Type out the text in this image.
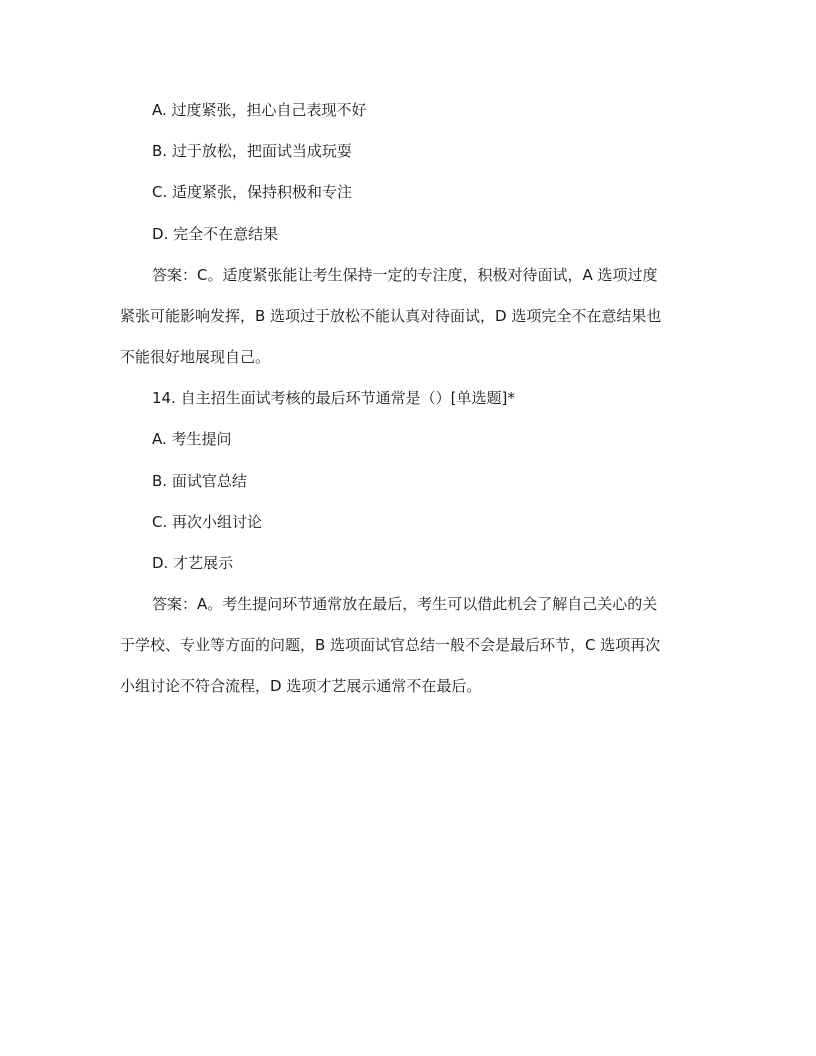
A. 过度紧张，担心自己表现不好
B. 过于放松，把面试当成玩耍
C. 适度紧张，保持积极和专注
D. 完全不在意结果
答案：C。适度紧张能让考生保持一定的专注度，积极对待面试，A 选项过度
紧张可能影响发挥，B 选项过于放松不能认真对待面试，D 选项完全不在意结果也
不能很好地展现自己。
14. 自主招生面试考核的最后环节通常是（）[单选题]*
A. 考生提问
B. 面试官总结
C. 再次小组讨论
D. 才艺展示
答案：A。考生提问环节通常放在最后，考生可以借此机会了解自己关心的关
于学校、专业等方面的问题，B 选项面试官总结一般不会是最后环节，C 选项再次
小组讨论不符合流程，D 选项才艺展示通常不在最后。
